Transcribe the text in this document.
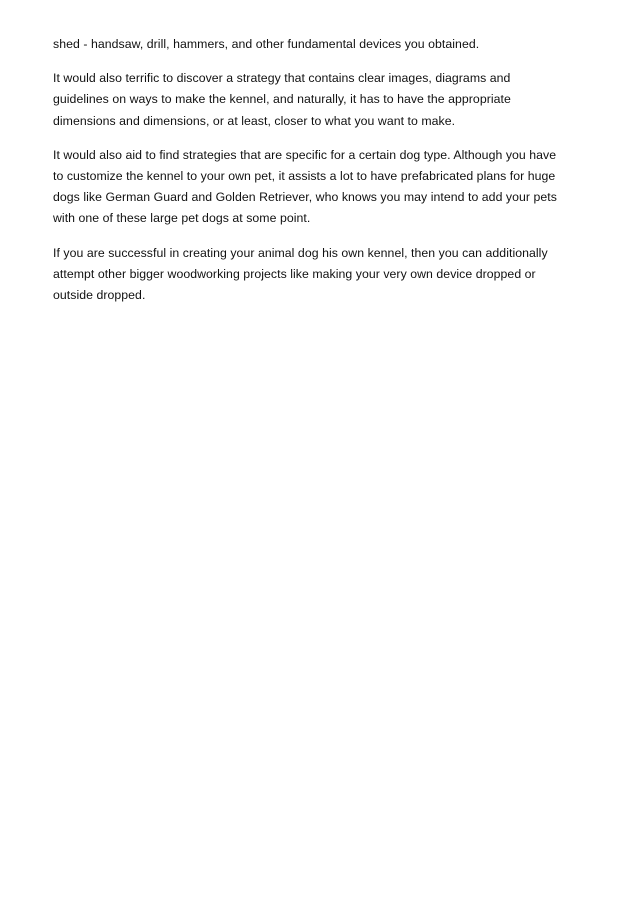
shed - handsaw, drill, hammers, and other fundamental devices you obtained.

It would also terrific to discover a strategy that contains clear images, diagrams and
guidelines on ways to make the kennel, and naturally, it has to have the appropriate
dimensions and dimensions, or at least, closer to what you want to make.

It would also aid to find strategies that are specific for a certain dog type. Although you have
to customize the kennel to your own pet, it assists a lot to have prefabricated plans for huge
dogs like German Guard and Golden Retriever, who knows you may intend to add your pets
with one of these large pet dogs at some point.

If you are successful in creating your animal dog his own kennel, then you can additionally
attempt other bigger woodworking projects like making your very own device dropped or
outside dropped.
